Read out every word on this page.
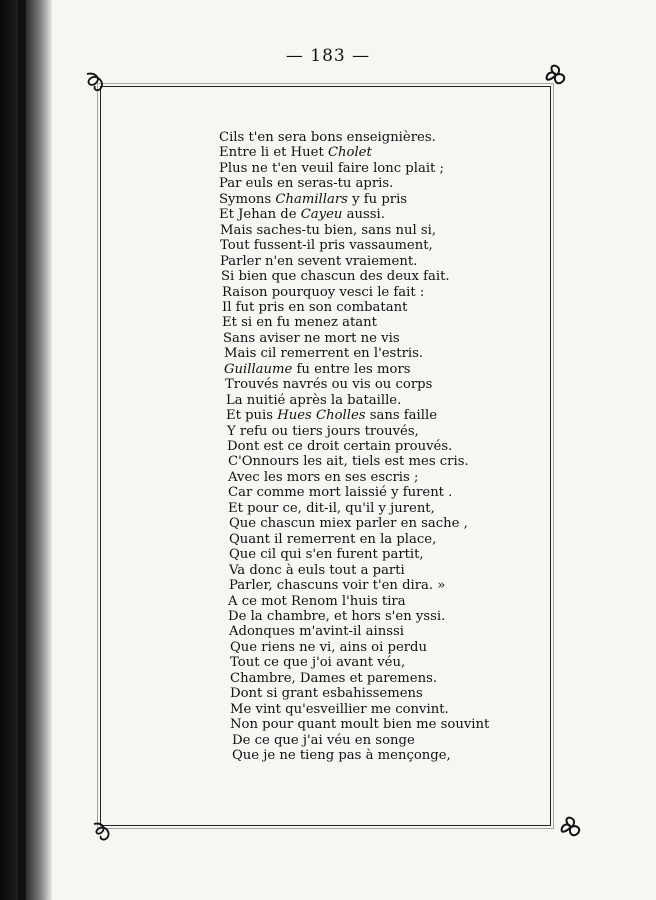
— 183 —
Cils t'en sera bons enseignières.
Entre li et Huet Cholet
Plus ne t'en veuil faire lonc plait ;
Par euls en seras-tu apris.
Symons Chamillars y fu pris
Et Jehan de Cayeu aussi.
Mais saches-tu bien, sans nul si,
Tout fussent-il pris vassaument,
Parler n'en sevent vraiement.
Si bien que chascun des deux fait.
Raison pourquoy vesci le fait :
Il fut pris en son combatant
Et si en fu menez atant
Sans aviser ne mort ne vis
Mais cil remerrent en l'estris.
Guillaume fu entre les mors
Trouvés navrés ou vis ou corps
La nuitié après la bataille.
Et puis Hues Cholles sans faille
Y refu ou tiers jours trouvés,
Dont est ce droit certain prouvés.
C'Onnours les ait, tiels est mes cris.
Avec les mors en ses escris ;
Car comme mort laissié y furent .
Et pour ce, dit-il, qu'il y jurent,
Que chascun miex parler en sache ,
Quant il remerrent en la place,
Que cil qui s'en furent partit,
Va donc à euls tout a parti
Parler, chascuns voir t'en dira. »
A ce mot Renom l'huis tira
De la chambre, et hors s'en yssi.
Adonques m'avint-il ainssi
Que riens ne vi, ains oi perdu
Tout ce que j'oi avant véu,
Chambre, Dames et paremens.
Dont si grant esbahissemens
Me vint qu'esveillier me convint.
Non pour quant moult bien me souvint
De ce que j'ai véu en songe
Que je ne tieng pas à mençonge,
